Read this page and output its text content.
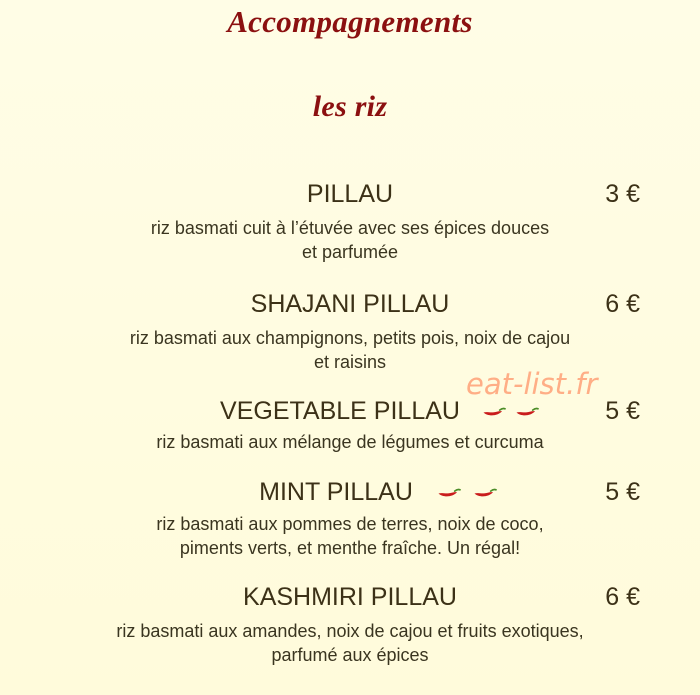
Accompagnements
les riz
PILLAU	3 €
riz basmati cuit à l’étuvée avec ses épices douces
et parfumée
SHAJANI PILLAU	6 €
riz basmati aux champignons, petits pois, noix de cajou
et raisins
VEGETABLE PILLAU	5 €
riz basmati aux mélange de légumes et curcuma
MINT PILLAU	5 €
riz basmati aux pommes de terres, noix de coco,
piments verts, et menthe fraîche. Un régal!
KASHMIRI PILLAU	6 €
riz basmati aux amandes, noix de cajou et fruits exotiques,
parfumé aux épices
eat-list.fr
